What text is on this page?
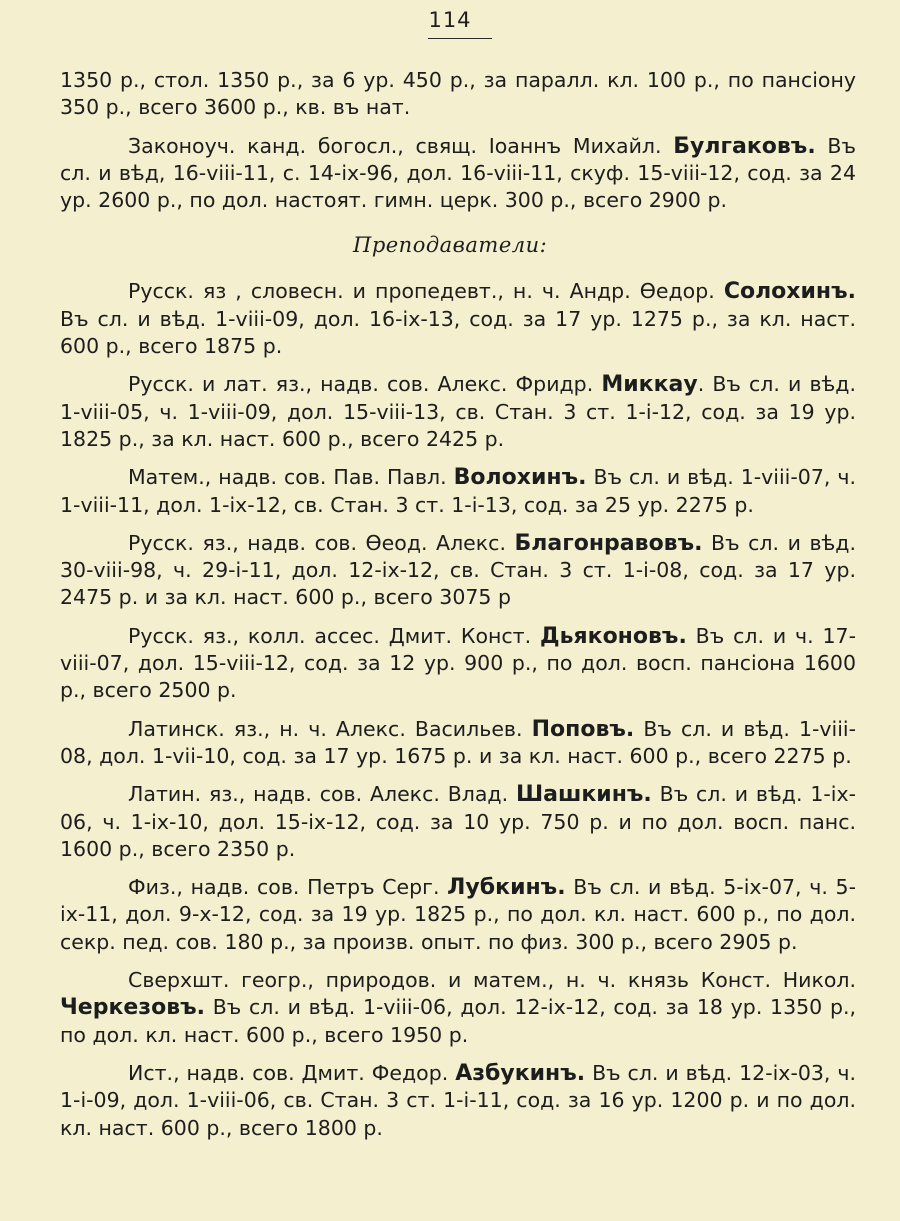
114

1350 р., стол. 1350 р., за 6 ур. 450 р., за паралл. кл. 100 р., по пансіону 350 р., всего 3600 р., кв. въ нат.

Законоуч. канд. богосл., свящ. Іоаннъ Михайл. Булгаковъ. Въ сл. и вѣд, 16-viii-11, с. 14-ix-96, дол. 16-viii-11, скуф. 15-viii-12, сод. за 24 ур. 2600 р., по дол. настоят. гимн. церк. 300 р., всего 2900 р.

Преподаватели:

Русск. яз , словесн. и пропедевт., н. ч. Андр. Ѳедор. Солохинъ. Въ сл. и вѣд. 1-viii-09, дол. 16-ix-13, сод. за 17 ур. 1275 р., за кл. наст. 600 р., всего 1875 р.

Русск. и лат. яз., надв. сов. Алекс. Фридр. Миккау. Въ сл. и вѣд. 1-viii-05, ч. 1-viii-09, дол. 15-viii-13, св. Стан. 3 ст. 1-i-12, сод. за 19 ур. 1825 р., за кл. наст. 600 р., всего 2425 р.

Матем., надв. сов. Пав. Павл. Волохинъ. Въ сл. и вѣд. 1-viii-07, ч. 1-viii-11, дол. 1-ix-12, св. Стан. 3 ст. 1-i-13, сод. за 25 ур. 2275 р.

Русск. яз., надв. сов. Ѳеод. Алекс. Благонравовъ. Въ сл. и вѣд. 30-viii-98, ч. 29-i-11, дол. 12-ix-12, св. Стан. 3 ст. 1-i-08, сод. за 17 ур. 2475 р. и за кл. наст. 600 р., всего 3075 р

Русск. яз., колл. ассес. Дмит. Конст. Дьяконовъ. Въ сл. и ч. 17-viii-07, дол. 15-viii-12, сод. за 12 ур. 900 р., по дол. восп. пансіона 1600 р., всего 2500 р.

Латинск. яз., н. ч. Алекс. Васильев. Поповъ. Въ сл. и вѣд. 1-viii-08, дол. 1-vii-10, сод. за 17 ур. 1675 р. и за кл. наст. 600 р., всего 2275 р.

Латин. яз., надв. сов. Алекс. Влад. Шашкинъ. Въ сл. и вѣд. 1-ix-06, ч. 1-ix-10, дол. 15-ix-12, сод. за 10 ур. 750 р. и по дол. восп. панс. 1600 р., всего 2350 р.

Физ., надв. сов. Петръ Серг. Лубкинъ. Въ сл. и вѣд. 5-ix-07, ч. 5-ix-11, дол. 9-x-12, сод. за 19 ур. 1825 р., по дол. кл. наст. 600 р., по дол. секр. пед. сов. 180 р., за произв. опыт. по физ. 300 р., всего 2905 р.

Сверхшт. геогр., природов. и матем., н. ч. князь Конст. Никол. Черкезовъ. Въ сл. и вѣд. 1-viii-06, дол. 12-ix-12, сод. за 18 ур. 1350 р., по дол. кл. наст. 600 р., всего 1950 р.

Ист., надв. сов. Дмит. Федор. Азбукинъ. Въ сл. и вѣд. 12-ix-03, ч. 1-i-09, дол. 1-viii-06, св. Стан. 3 ст. 1-i-11, сод. за 16 ур. 1200 р. и по дол. кл. наст. 600 р., всего 1800 р.
